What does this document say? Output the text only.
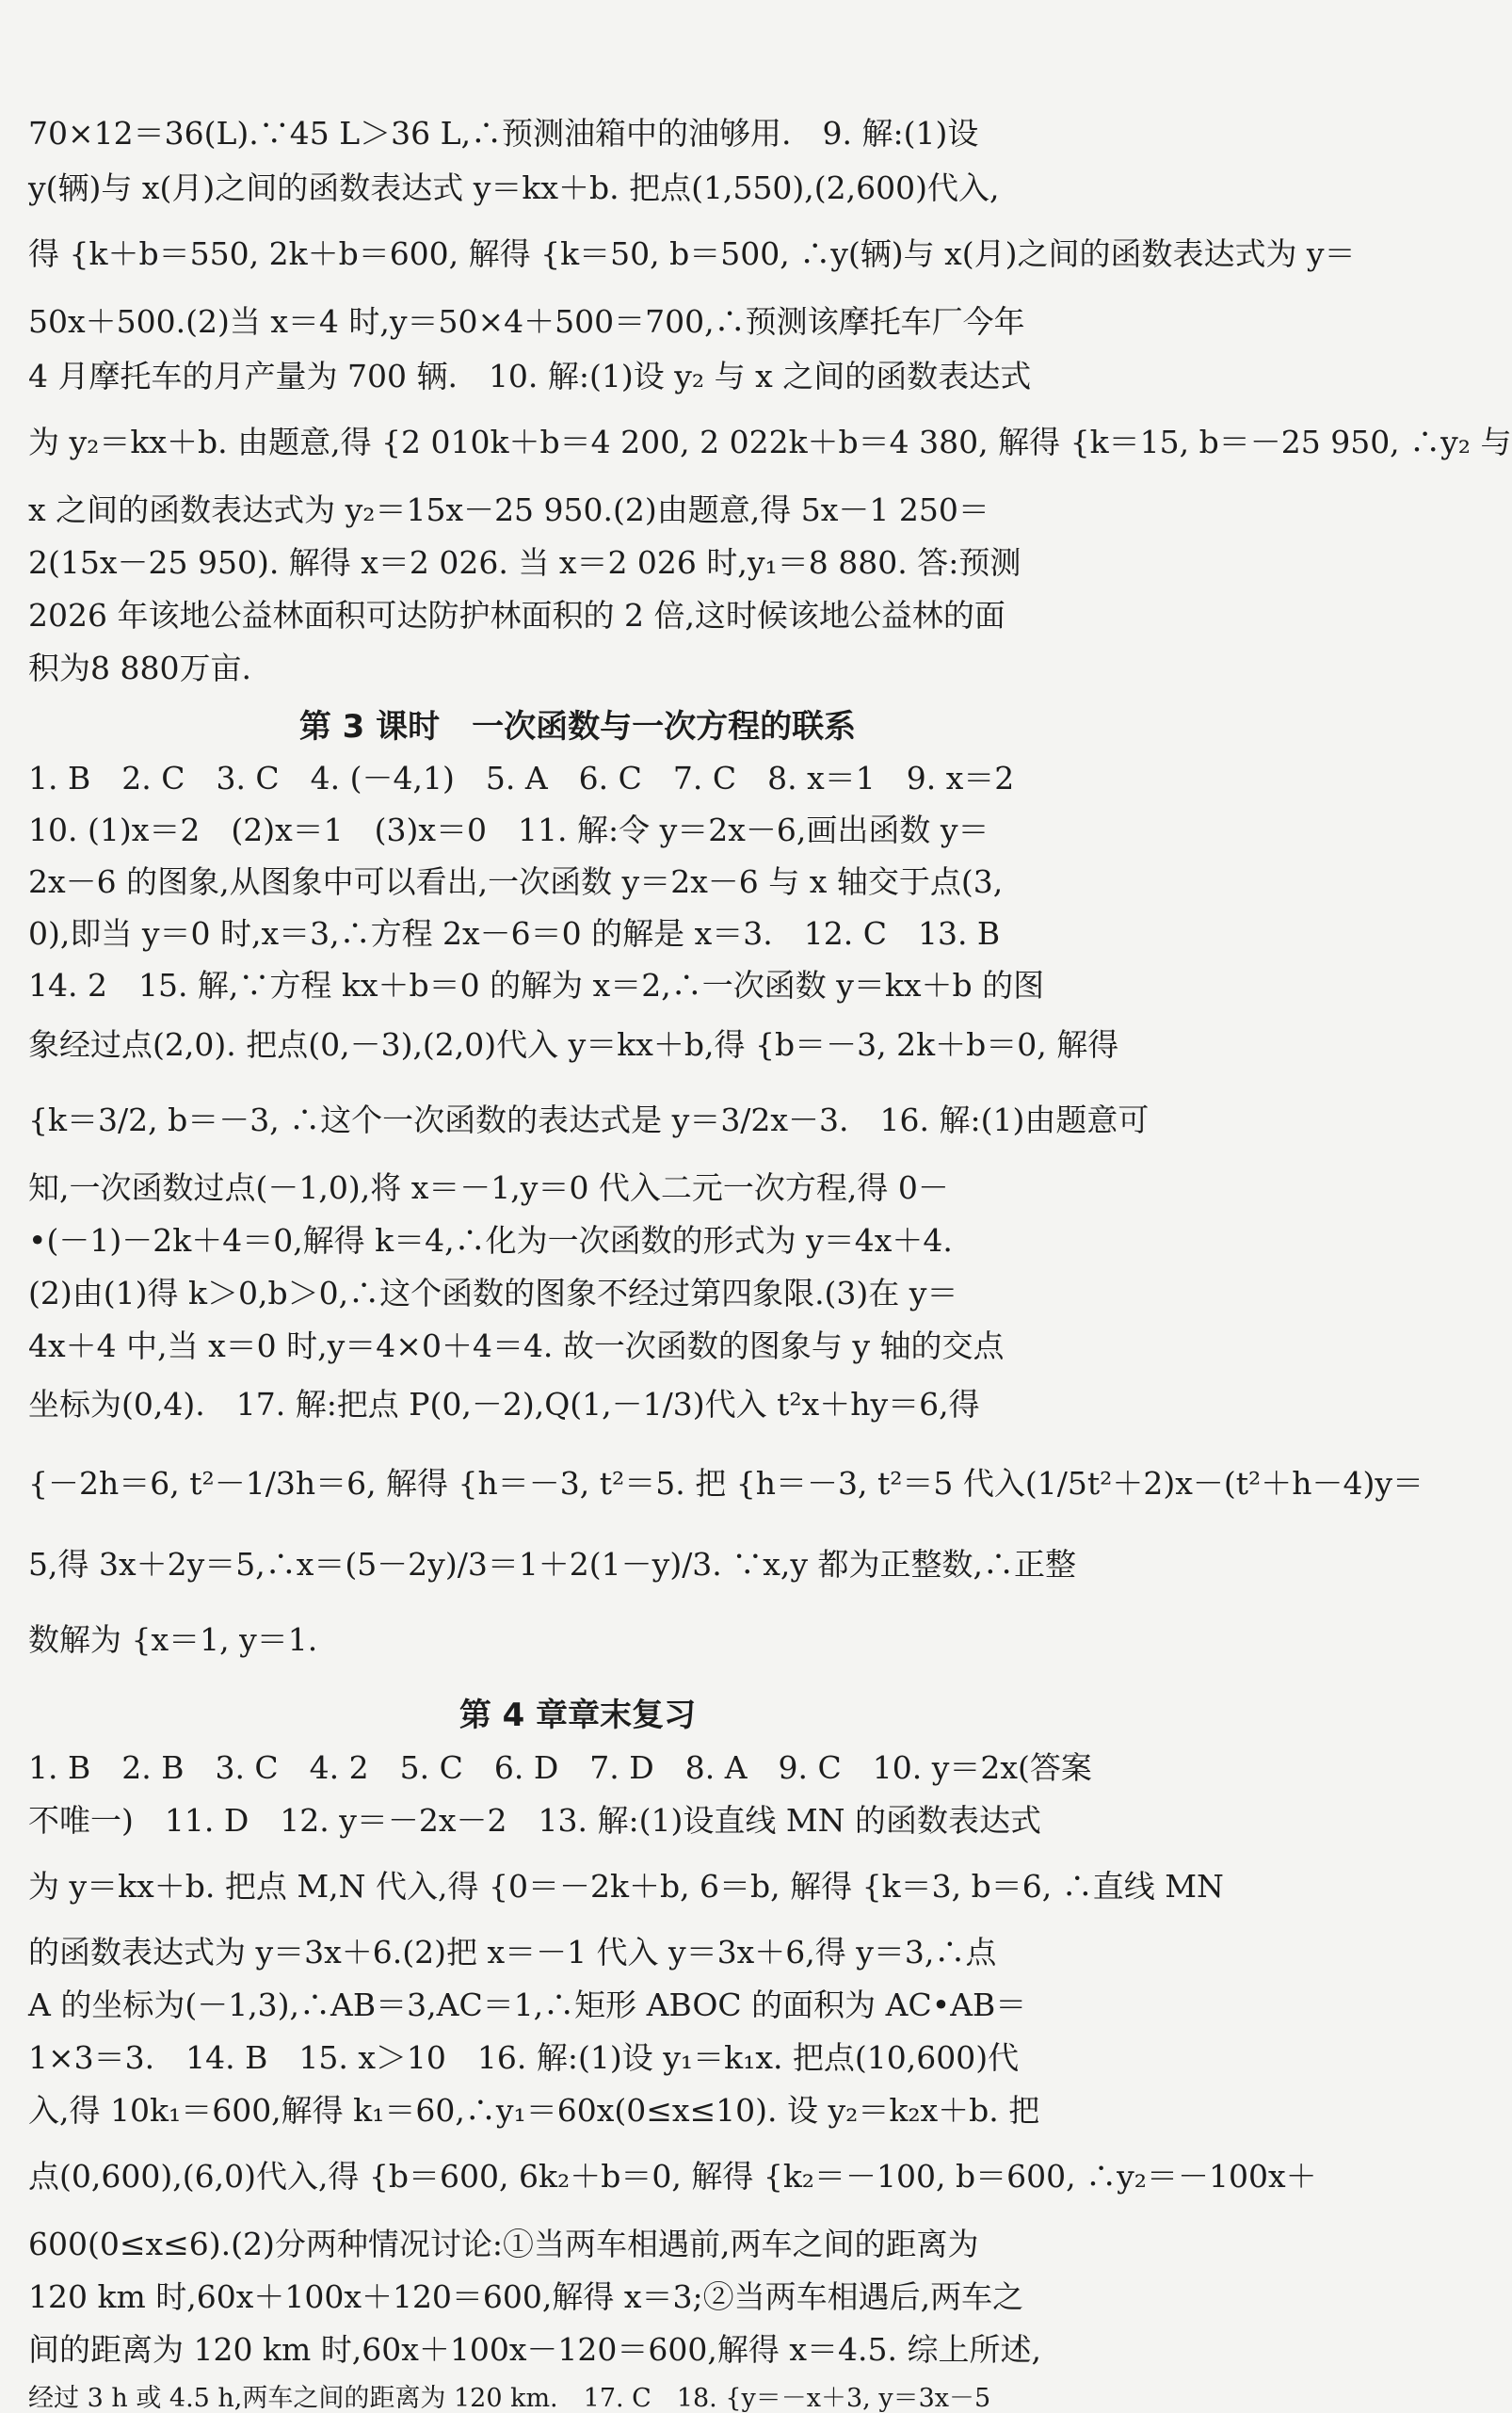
70×12＝36(L).∵45 L＞36 L,∴预测油箱中的油够用.　9. 解:(1)设
y(辆)与 x(月)之间的函数表达式 y＝kx＋b. 把点(1,550),(2,600)代入,
得 {k＋b＝550, 2k＋b＝600, 解得 {k＝50, b＝500, ∴y(辆)与 x(月)之间的函数表达式为 y＝
50x＋500.(2)当 x＝4 时,y＝50×4＋500＝700,∴预测该摩托车厂今年
4 月摩托车的月产量为 700 辆.　10. 解:(1)设 y₂ 与 x 之间的函数表达式
为 y₂＝kx＋b. 由题意,得 {2 010k＋b＝4 200, 2 022k＋b＝4 380, 解得 {k＝15, b＝－25 950, ∴y₂ 与
x 之间的函数表达式为 y₂＝15x－25 950.(2)由题意,得 5x－1 250＝
2(15x－25 950). 解得 x＝2 026. 当 x＝2 026 时,y₁＝8 880. 答:预测
2026 年该地公益林面积可达防护林面积的 2 倍,这时候该地公益林的面
积为8 880万亩.
第 3 课时　一次函数与一次方程的联系
1. B　2. C　3. C　4. (－4,1)　5. A　6. C　7. C　8. x＝1　9. x＝2
10. (1)x＝2　(2)x＝1　(3)x＝0　11. 解:令 y＝2x－6,画出函数 y＝
2x－6 的图象,从图象中可以看出,一次函数 y＝2x－6 与 x 轴交于点(3,
0),即当 y＝0 时,x＝3,∴方程 2x－6＝0 的解是 x＝3.　12. C　13. B
14. 2　15. 解,∵方程 kx＋b＝0 的解为 x＝2,∴一次函数 y＝kx＋b 的图
象经过点(2,0). 把点(0,－3),(2,0)代入 y＝kx＋b,得 {b＝－3, 2k＋b＝0, 解得
{k＝3/2, b＝－3, ∴这个一次函数的表达式是 y＝3/2x－3.　16. 解:(1)由题意可
知,一次函数过点(－1,0),将 x＝－1,y＝0 代入二元一次方程,得 0－
•(－1)－2k＋4＝0,解得 k＝4,∴化为一次函数的形式为 y＝4x＋4.
(2)由(1)得 k＞0,b＞0,∴这个函数的图象不经过第四象限.(3)在 y＝
4x＋4 中,当 x＝0 时,y＝4×0＋4＝4. 故一次函数的图象与 y 轴的交点
坐标为(0,4).　17. 解:把点 P(0,－2),Q(1,－1/3)代入 t²x＋hy＝6,得
{－2h＝6, t²－1/3h＝6, 解得 {h＝－3, t²＝5. 把 {h＝－3, t²＝5 代入(1/5t²＋2)x－(t²＋h－4)y＝
5,得 3x＋2y＝5,∴x＝(5－2y)/3＝1＋2(1－y)/3. ∵x,y 都为正整数,∴正整
数解为 {x＝1, y＝1.
第 4 章章末复习
1. B　2. B　3. C　4. 2　5. C　6. D　7. D　8. A　9. C　10. y＝2x(答案
不唯一)　11. D　12. y＝－2x－2　13. 解:(1)设直线 MN 的函数表达式
为 y＝kx＋b. 把点 M,N 代入,得 {0＝－2k＋b, 6＝b, 解得 {k＝3, b＝6, ∴直线 MN
的函数表达式为 y＝3x＋6.(2)把 x＝－1 代入 y＝3x＋6,得 y＝3,∴点
A 的坐标为(－1,3),∴AB＝3,AC＝1,∴矩形 ABOC 的面积为 AC•AB＝
1×3＝3.　14. B　15. x＞10　16. 解:(1)设 y₁＝k₁x. 把点(10,600)代
入,得 10k₁＝600,解得 k₁＝60,∴y₁＝60x(0≤x≤10). 设 y₂＝k₂x＋b. 把
点(0,600),(6,0)代入,得 {b＝600, 6k₂＋b＝0, 解得 {k₂＝－100, b＝600, ∴y₂＝－100x＋
600(0≤x≤6).(2)分两种情况讨论:①当两车相遇前,两车之间的距离为
120 km 时,60x＋100x＋120＝600,解得 x＝3;②当两车相遇后,两车之
间的距离为 120 km 时,60x＋100x－120＝600,解得 x＝4.5. 综上所述,
经过 3 h 或 4.5 h,两车之间的距离为 120 km.　17. C　18. {y＝－x＋3, y＝3x－5
